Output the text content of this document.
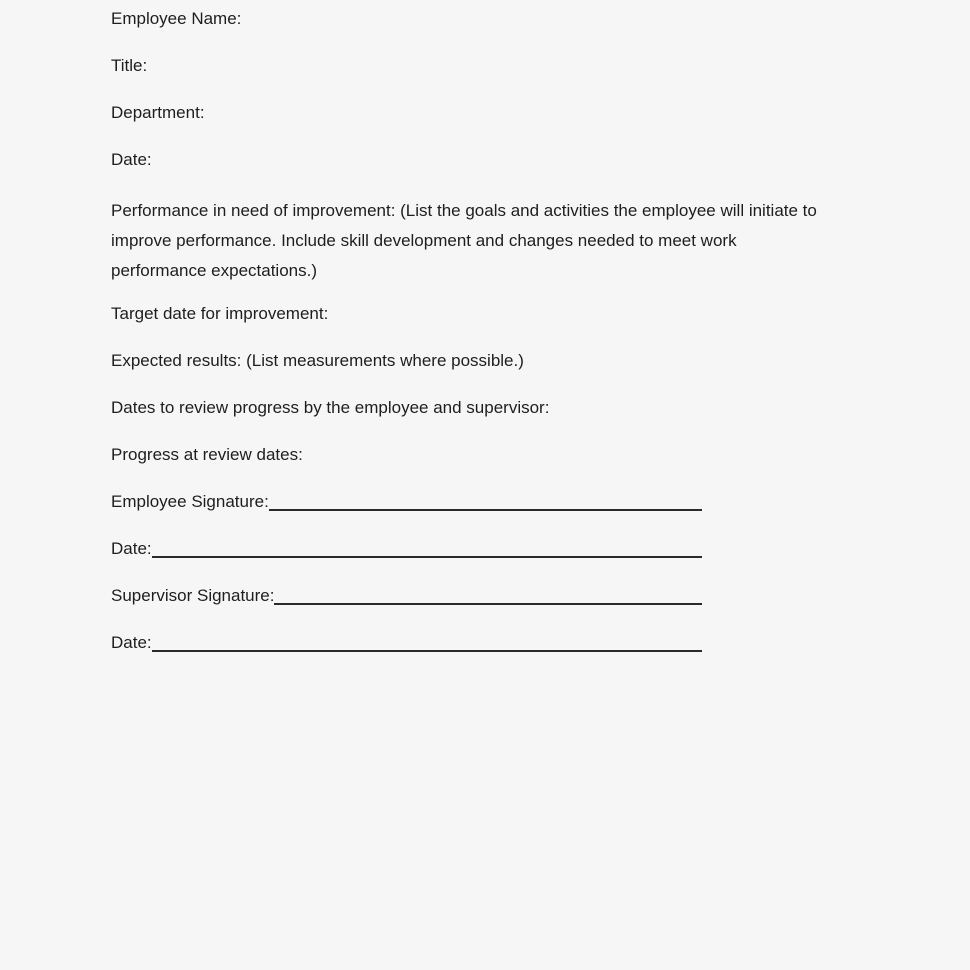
Employee Name:
Title:
Department:
Date:
Performance in need of improvement: (List the goals and activities the employee will initiate to
improve performance. Include skill development and changes needed to meet work
performance expectations.)
Target date for improvement:
Expected results: (List measurements where possible.)
Dates to review progress by the employee and supervisor:
Progress at review dates:
Employee Signature:
Date:
Supervisor Signature:
Date:
